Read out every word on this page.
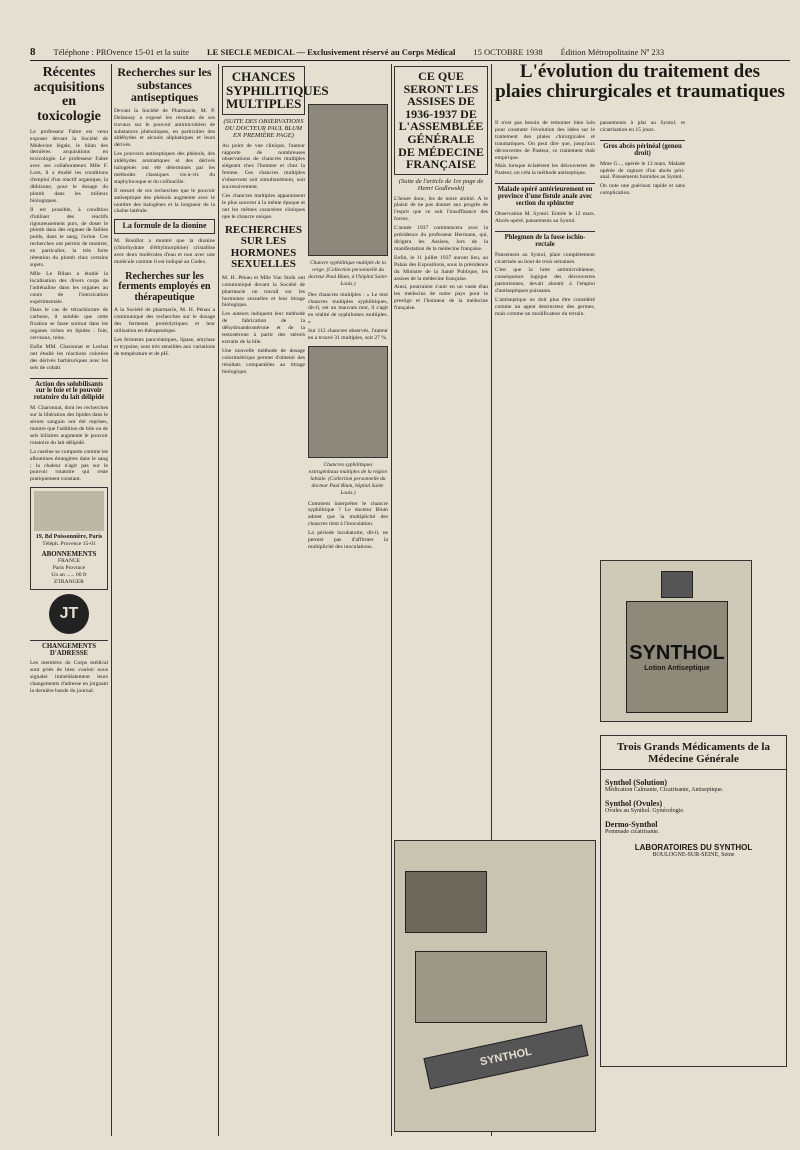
8 Téléphone : PROvence 15-01 et la suite LE SIECLE MEDICAL — Exclusivement réservé au Corps Médical 15 OCTOBRE 1938 Édition Métropolitaine Nº 233
Récentes acquisitions en toxicologie

Le professeur Fabre est venu exposer devant la Société de Médecine légale, le bilan des dernières acquisitions en toxicologie. Le professeur Fabre avec ses collaborateurs Mlle F. Lom, il a étudié les conditions d'emploi d'un réactif organique, la dithizone, pour le dosage du plomb dans les milieux biologiques.

Il est possible, à condition d'utiliser des réactifs rigoureusement purs, de doser le plomb dans des organes de faibles poids, dans le sang, l'urine. Ces recherches ont permis de montrer, en particulier, la très forte rétention du plomb chez certains sujets.

Mlle Le Bihan a étudié la localisation des divers corps de l'adrénaline dans les organes au cours de l'intoxication expérimentale.

Dans le cas de tétrachlorure de carbone, il semble que cette fixation se fasse surtout dans les organes riches en lipides : foie, cerveaux, reins.

Enfin MM. Charonnat et Lechat ont étudié les réactions colorées des dérivés barbituriques avec les sels de cobalt.

Action des solubilisants sur le foie et le pouvoir rotatoire du lait délipidé

M. Charonnat, dont les recherches sur la libération des lipides dans le sérum sanguin ont été reprises, montre que l'addition de bile ou de sels biliaires augmente le pouvoir rotatoire du lait délipidé.

La caséine se comporte comme les albumines étrangères dans le sang ; la chaleur n'agit pas sur le pouvoir rotatoire qui reste pratiquement constant.

19, Bd Poissonnière, Paris
Téléph. Provence 15-01
ABONNEMENTS
FRANCE
Paris Province
Un an ...... 60 fr
ETRANGER
JT
CHANGEMENTS D'ADRESSE

Les membres du Corps médical sont priés de bien vouloir nous signaler immédiatement leurs changements d'adresse en joignant la dernière bande du journal.

Recherches sur les substances antiseptiques

Devant la Société de Pharmacie, M. P. Delaunay a exposé les résultats de ses travaux sur le pouvoir antimicrobien de substances phénoliques, en particulier des aldéhydes et alcools aliphatiques et leurs dérivés.

Les pouvoirs antiseptiques des phénols, des aldéhydes aromatiques et des dérivés halogénés ont été déterminés par les méthodes classiques vis-à-vis du staphylocoque et du colibacille.

Il ressort de ces recherches que le pouvoir antiseptique des phénols augmente avec le nombre des halogènes et la longueur de la chaîne latérale.

La formule de la dionine

M. Bouillot a montré que la dionine (chlorhydrate d'éthylmorphine) cristallise avec deux molécules d'eau et non avec une molécule comme il est indiqué au Codex.

Recherches sur les ferments employés en thérapeutique

A la Société de pharmacie, M. H. Pénau a communiqué des recherches sur le dosage des ferments protéolytiques et leur utilisation en thérapeutique.

Les ferments pancréatiques, lipase, amylase et trypsine, sont très sensibles aux variations de température et de pH.

CHANCES SYPHILITIQUES MULTIPLES
(SUITE DES OBSERVATIONS DU DOCTEUR PAUL BLUM EN PREMIÈRE PAGE)

Au point de vue clinique, l'auteur rapporte de nombreuses observations de chancres multiples siégeant chez l'homme et chez la femme. Ces chancres multiples s'observent soit simultanément, soit successivement.

Ces chancres multiples apparaissent le plus souvent à la même époque et ont les mêmes caractères cliniques que le chancre unique.

RECHERCHES SUR LES HORMONES SEXUELLES

M. H. Pénau et Mlle Van Stolk ont communiqué devant la Société de pharmacie un travail sur les hormones sexuelles et leur titrage biologique.

Les auteurs indiquent leur méthode de fabrication de la déhydroandrostérone et de la testostérone à partir des stérols extraits de la bile.

Une nouvelle méthode de dosage colorimétrique permet d'obtenir des résultats comparables au titrage biologique.

Chancre syphilitique multiple de la verge. (Collection personnelle du docteur Paul Blum, à l'hôpital Saint-Louis.)

Des chancres multiples : « Le mot chancres multiples syphilitiques, dit-il, est un mauvais mot, il s'agit en réalité de syphilomes multiples. »

Sur 112 chancres observés, l'auteur en a trouvé 31 multiples, soit 27 %.

Chancres syphilitiques extragénitaux multiples de la région labiale. (Collection personnelle du docteur Paul Blum, hôpital Saint-Louis.)

Comment interpréter le chancre syphilitique ? Le docteur Blum admet que la multiplicité des chancres tient à l'inoculation.

La période incubatoire, dit-il, ne permet pas d'affirmer la multiplicité des inoculations.

CE QUE SERONT LES ASSISES DE 1936-1937 DE L'ASSEMBLÉE GÉNÉRALE DE MÉDECINE FRANÇAISE
(Suite de l'article de 1re page de Henri Godlewski)

L'heure donc, les de notre amitié. A le plaisir de ne pas donner aux progrès de l'esprit que ce soit l'insuffisance des forces.

L'année 1937 commencera avec la présidence du professeur Hermann, qui, dirigera les Assises, lors de la manifestation de la médecine française.

Enfin, le 11 juillet 1937 auront lieu, au Palais des Expositions, sous la présidence du Ministre de la Santé Publique, les assises de la médecine française.

Ainsi, pourraient s'unir en un vaste élan les médecins de notre pays pour le prestige et l'honneur de la médecine française.

L'évolution du traitement des plaies chirurgicales et traumatiques

Il n'est pas besoin de remonter bien loin pour constater l'évolution des idées sur le traitement des plaies chirurgicales et traumatiques. On peut dire que, jusqu'aux découvertes de Pasteur, ce traitement était empirique.

Mais lorsque éclatèrent les découvertes de Pasteur, on créa la méthode antiseptique.

Malade opéré antérieurement en province d'une fistule anale avec section du sphincter

Observation M. Syntol. Entrée le 12 mars. Abcès opéré, pansements au Syntol.

Phlegmon de la fosse ischio-rectale

Pansement au Syntol, plaie complètement cicatrisée au bout de trois semaines.

C'est que la lutte antimicrobienne, conséquence logique des découvertes pastoriennes, devait aboutir à l'emploi d'antiseptiques puissants.

L'antiseptique ne doit plus être considéré comme un agent destructeur des germes, mais comme un modificateur du terrain.

pansements à plat au Syntol, et cicatrisation en 15 jours.

Gros abcès périnéal (genou droit)

Mme G..., opérée le 13 mars. Malade opérée de rupture d'un abcès péri-anal. Pansements humides au Syntol.

On note une guérison rapide et sans complication.

SYNTHOL
Lotion Antiseptique
Trois Grands Médicaments de la Médecine Générale
Synthol (Solution)
Médication Calmante, Cicatrisante, Antiseptique.
Synthol (Ovules)
Ovules au Synthol. Gynécologie.
Dermo-Synthol
Pommade cicatrisante.
LABORATOIRES DU SYNTHOL
BOULOGNE-SUR-SEINE, Seine
SYNTHOL
